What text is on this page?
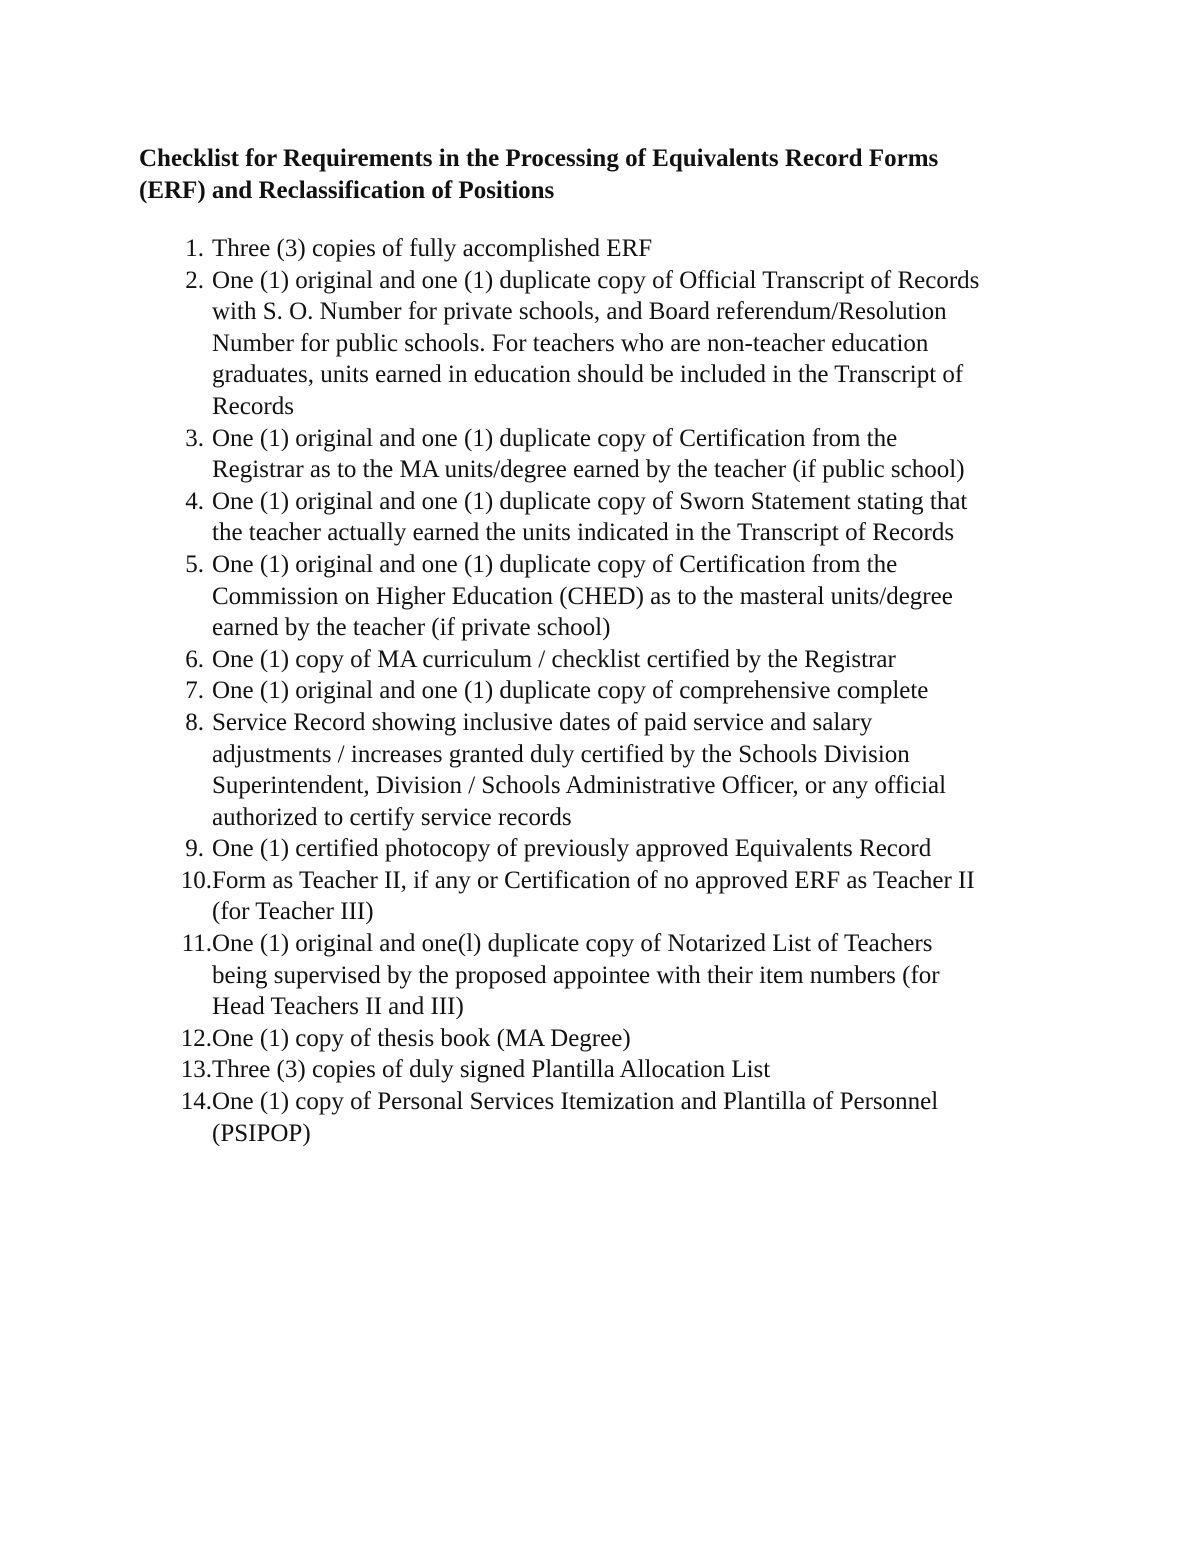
Checklist for Requirements in the Processing of Equivalents Record Forms
(ERF) and Reclassification of Positions
1. Three (3) copies of fully accomplished ERF
2. One (1) original and one (1) duplicate copy of Official Transcript of Records
with S. O. Number for private schools, and Board referendum/Resolution
Number for public schools. For teachers who are non-teacher education
graduates, units earned in education should be included in the Transcript of
Records
3. One (1) original and one (1) duplicate copy of Certification from the
Registrar as to the MA units/degree earned by the teacher (if public school)
4. One (1) original and one (1) duplicate copy of Sworn Statement stating that
the teacher actually earned the units indicated in the Transcript of Records
5. One (1) original and one (1) duplicate copy of Certification from the
Commission on Higher Education (CHED) as to the masteral units/degree
earned by the teacher (if private school)
6. One (1) copy of MA curriculum / checklist certified by the Registrar
7. One (1) original and one (1) duplicate copy of comprehensive complete
8. Service Record showing inclusive dates of paid service and salary
adjustments / increases granted duly certified by the Schools Division
Superintendent, Division / Schools Administrative Officer, or any official
authorized to certify service records
9. One (1) certified photocopy of previously approved Equivalents Record
10. Form as Teacher II, if any or Certification of no approved ERF as Teacher II
(for Teacher III)
11. One (1) original and one(l) duplicate copy of Notarized List of Teachers
being supervised by the proposed appointee with their item numbers (for
Head Teachers II and III)
12. One (1) copy of thesis book (MA Degree)
13. Three (3) copies of duly signed Plantilla Allocation List
14. One (1) copy of Personal Services Itemization and Plantilla of Personnel
(PSIPOP)
